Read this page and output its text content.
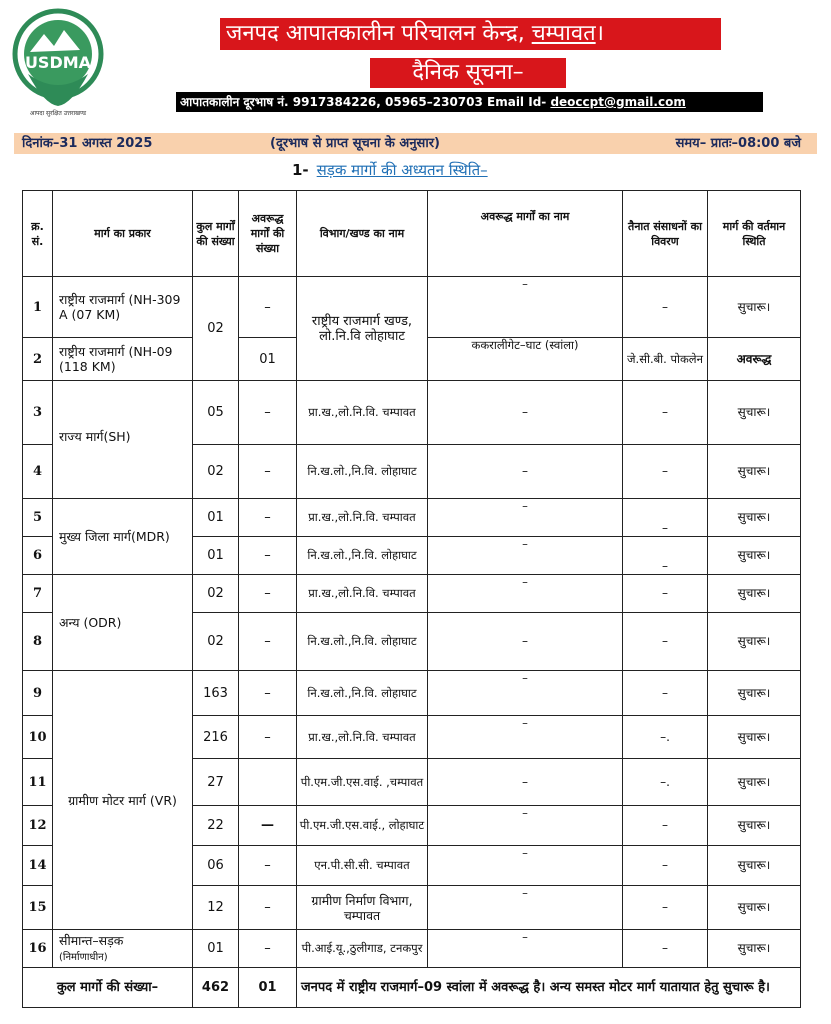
USDMA
आपदा सुरक्षित उत्तराखण्ड
जनपद आपातकालीन परिचालन केन्द्र, चम्पावत।
दैनिक सूचना–
आपातकालीन दूरभाष नं. 9917384226, 05965–230703 Email Id- deoccpt@gmail.com
दिनांक–31 अगस्त 2025	(दूरभाष से प्राप्त सूचना के अनुसार)	समय– प्रातः–08:00 बजे
1- सड़क मार्गो की अध्यतन स्थिति–
क्र. सं.	मार्ग का प्रकार	कुल मार्गों की संख्या	अवरूद्ध मार्गों की संख्या	विभाग/खण्ड का नाम	अवरूद्ध मार्गों का नाम	तैनात संसाधनों का विवरण	मार्ग की वर्तमान स्थिति
1	राष्ट्रीय राजमार्ग (NH-309 A (07 KM)	02	–	राष्ट्रीय राजमार्ग खण्ड, लो.नि.वि लोहाघाट	–	–	सुचारू।
2	राष्ट्रीय राजमार्ग (NH-09 (118 KM)		01		ककरालीगेट–घाट (स्वांला)	जे.सी.बी. पोकलेन	अवरूद्ध
3	राज्य मार्ग(SH)	05	–	प्रा.ख.,लो.नि.वि. चम्पावत	–	–	सुचारू।
4		02	–	नि.ख.लो.,नि.वि. लोहाघाट	–	–	सुचारू।
5	मुख्य जिला मार्ग(MDR)	01	–	प्रा.ख.,लो.नि.वि. चम्पावत	–	–	सुचारू।
6		01	–	नि.ख.लो.,नि.वि. लोहाघाट	–	–	सुचारू।
7	अन्य (ODR)	02	–	प्रा.ख.,लो.नि.वि. चम्पावत	–	–	सुचारू।
8		02	–	नि.ख.लो.,नि.वि. लोहाघाट	–	–	सुचारू।
9	ग्रामीण मोटर मार्ग (VR)	163	–	नि.ख.लो.,नि.वि. लोहाघाट	–	–	सुचारू।
10		216	–	प्रा.ख.,लो.नि.वि. चम्पावत	–	–.	सुचारू।
11		27		पी.एम.जी.एस.वाई. ,चम्पावत	–	–.	सुचारू।
12		22	—	पी.एम.जी.एस.वाई., लोहाघाट	–	–	सुचारू।
14		06	–	एन.पी.सी.सी. चम्पावत	–	–	सुचारू।
15		12	–	ग्रामीण निर्माण विभाग, चम्पावत	–	–	सुचारू।
16	सीमान्त–सड़क
(निर्माणाधीन)	01	–	पी.आई.यू.,ठुलीगाड, टनकपुर	–	–	सुचारू।
कुल मार्गो की संख्या–		462	01	जनपद में राष्ट्रीय राजमार्ग–09 स्वांला में अवरूद्ध है। अन्य समस्त मोटर मार्ग यातायात हेतु सुचारू है।			
